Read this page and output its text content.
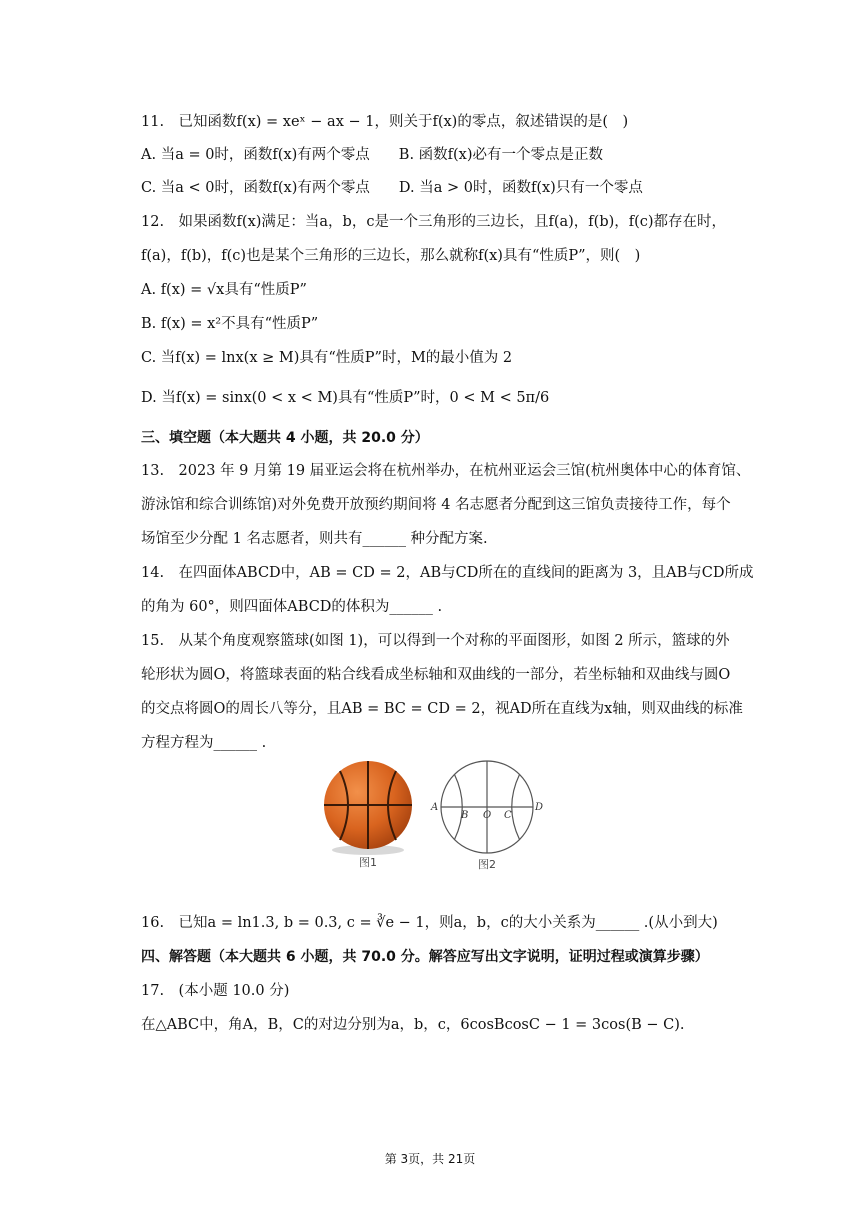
11.　已知函数f(x) = xeˣ − ax − 1，则关于f(x)的零点，叙述错误的是(　)
A. 当a = 0时，函数f(x)有两个零点　　B. 函数f(x)必有一个零点是正数
C. 当a < 0时，函数f(x)有两个零点　　D. 当a > 0时，函数f(x)只有一个零点
12.　如果函数f(x)满足：当a，b，c是一个三角形的三边长，且f(a)，f(b)，f(c)都存在时，
f(a)，f(b)，f(c)也是某个三角形的三边长，那么就称f(x)具有“性质P”，则(　)
A. f(x) = √x具有“性质P”
B. f(x) = x²不具有“性质P”
C. 当f(x) = lnx(x ≥ M)具有“性质P”时，M的最小值为 2
D. 当f(x) = sinx(0 < x < M)具有“性质P”时，0 < M < 5π/6
三、填空题（本大题共 4 小题，共 20.0 分）
13.　2023 年 9 月第 19 届亚运会将在杭州举办，在杭州亚运会三馆(杭州奥体中心的体育馆、
游泳馆和综合训练馆)对外免费开放预约期间将 4 名志愿者分配到这三馆负责接待工作，每个
场馆至少分配 1 名志愿者，则共有______ 种分配方案.
14.　在四面体ABCD中，AB = CD = 2，AB与CD所在的直线间的距离为 3，且AB与CD所成
的角为 60°，则四面体ABCD的体积为______ .
15.　从某个角度观察篮球(如图 1)，可以得到一个对称的平面图形，如图 2 所示，篮球的外
轮形状为圆O，将篮球表面的粘合线看成坐标轴和双曲线的一部分，若坐标轴和双曲线与圆O
的交点将圆O的周长八等分，且AB = BC = CD = 2，视AD所在直线为x轴，则双曲线的标准
方程方程为______ .
图1
A
B O C
D
图2
16.　已知a = ln1.3, b = 0.3, c = ∛e − 1，则a，b，c的大小关系为______ .(从小到大)
四、解答题（本大题共 6 小题，共 70.0 分。解答应写出文字说明，证明过程或演算步骤）
17.　(本小题 10.0 分)
在△ABC中，角A，B，C的对边分别为a，b，c，6cosBcosC − 1 = 3cos(B − C).
第 3页，共 21页
